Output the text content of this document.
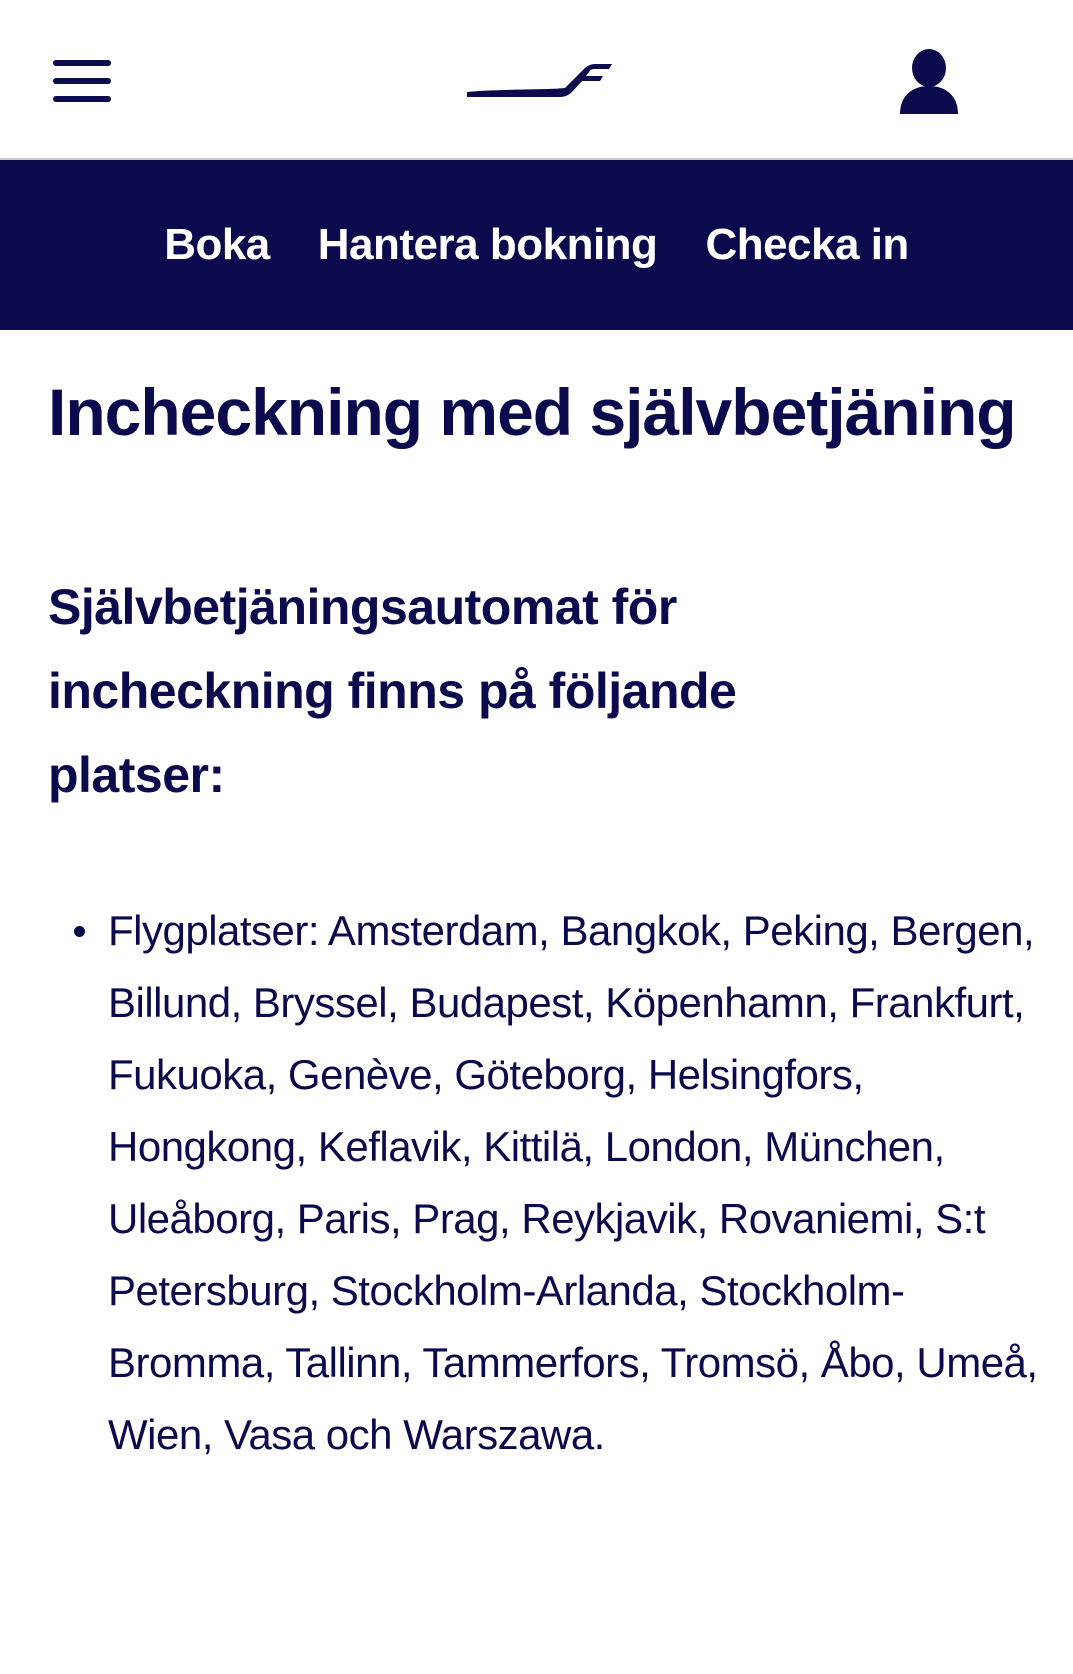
Boka Hantera bokning Checka in
Incheckning med självbetjäning
Självbetjäningsautomat för incheckning finns på följande platser:
Flygplatser: Amsterdam, Bangkok, Peking, Bergen, Billund, Bryssel, Budapest, Köpenhamn, Frankfurt, Fukuoka, Genève, Göteborg, Helsingfors, Hongkong, Keflavik, Kittilä, London, München, Uleåborg, Paris, Prag, Reykjavik, Rovaniemi, S:t Petersburg, Stockholm-Arlanda, Stockholm-Bromma, Tallinn, Tammerfors, Tromsö, Åbo, Umeå, Wien, Vasa och Warszawa.
